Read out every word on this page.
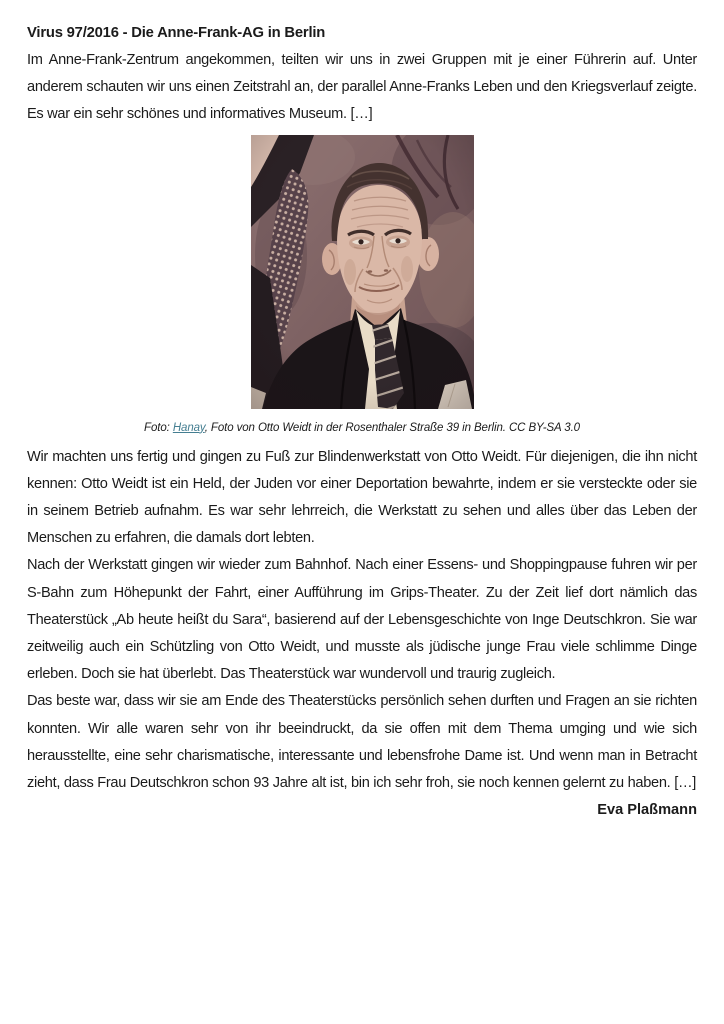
Virus 97/2016 - Die Anne-Frank-AG in Berlin

Im Anne-Frank-Zentrum angekommen, teilten wir uns in zwei Gruppen mit je einer Führerin auf. Unter anderem schauten wir uns einen Zeitstrahl an, der parallel Anne-Franks Leben und den Kriegsverlauf zeigte. Es war ein sehr schönes und informatives Museum. […]

Foto: Hanay, Foto von Otto Weidt in der Rosenthaler Straße 39 in Berlin. CC BY-SA 3.0

Wir machten uns fertig und gingen zu Fuß zur Blindenwerkstatt von Otto Weidt. Für diejenigen, die ihn nicht kennen: Otto Weidt ist ein Held, der Juden vor einer Deportation bewahrte, indem er sie versteckte oder sie in seinem Betrieb aufnahm. Es war sehr lehrreich, die Werkstatt zu sehen und alles über das Leben der Menschen zu erfahren, die damals dort lebten.

Nach der Werkstatt gingen wir wieder zum Bahnhof. Nach einer Essens- und Shoppingpause fuhren wir per S-Bahn zum Höhepunkt der Fahrt, einer Aufführung im Grips-Theater. Zu der Zeit lief dort nämlich das Theaterstück „Ab heute heißt du Sara“, basierend auf der Lebensgeschichte von Inge Deutschkron. Sie war zeitweilig auch ein Schützling von Otto Weidt, und musste als jüdische junge Frau viele schlimme Dinge erleben. Doch sie hat überlebt. Das Theaterstück war wundervoll und traurig zugleich.

Das beste war, dass wir sie am Ende des Theaterstücks persönlich sehen durften und Fragen an sie richten konnten. Wir alle waren sehr von ihr beeindruckt, da sie offen mit dem Thema umging und wie sich herausstellte, eine sehr charismatische, interessante und lebensfrohe Dame ist. Und wenn man in Betracht zieht, dass Frau Deutschkron schon 93 Jahre alt ist, bin ich sehr froh, sie noch kennen gelernt zu haben. […]

Eva Plaßmann
